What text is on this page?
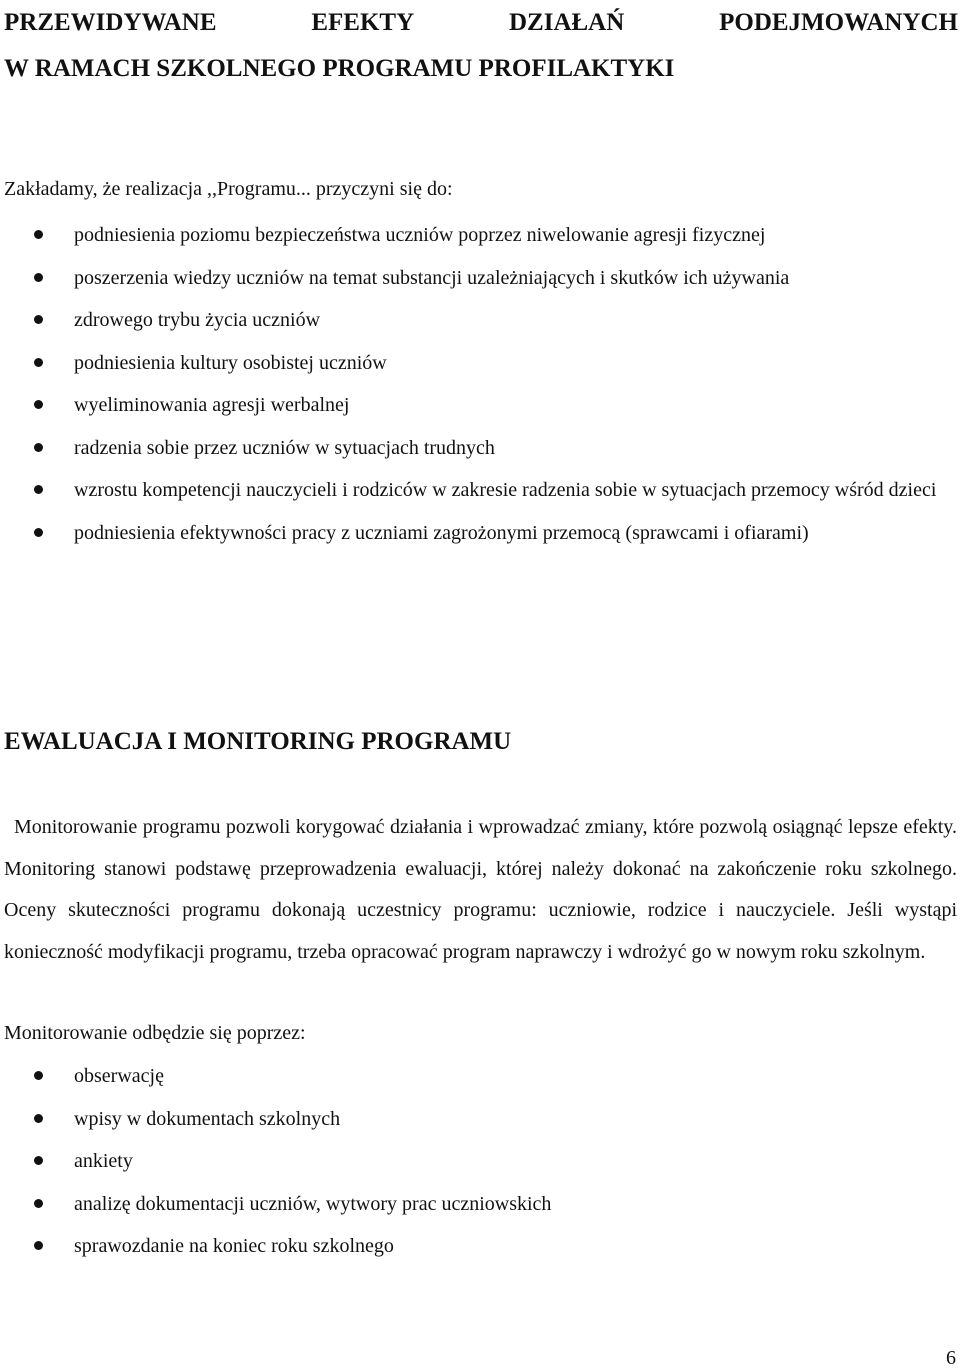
PRZEWIDYWANE	EFEKTY	DZIAŁAŃ	PODEJMOWANYCH
W RAMACH SZKOLNEGO PROGRAMU PROFILAKTYKI
Zakładamy, że realizacja ,,Programu... przyczyni się do:
podniesienia poziomu bezpieczeństwa uczniów poprzez niwelowanie agresji fizycznej
poszerzenia wiedzy uczniów na temat substancji uzależniających i skutków ich używania
zdrowego trybu życia uczniów
podniesienia kultury osobistej uczniów
wyeliminowania agresji werbalnej
radzenia sobie przez uczniów w sytuacjach trudnych
wzrostu kompetencji nauczycieli i rodziców w zakresie radzenia sobie w sytuacjach przemocy wśród dzieci
podniesienia efektywności pracy z uczniami zagrożonymi przemocą (sprawcami i ofiarami)
EWALUACJA I MONITORING PROGRAMU
Monitorowanie programu pozwoli korygować działania i wprowadzać zmiany, które pozwolą osiągnąć lepsze efekty. Monitoring stanowi podstawę przeprowadzenia ewaluacji, której należy dokonać na zakończenie roku szkolnego. Oceny skuteczności programu dokonają uczestnicy programu: uczniowie, rodzice i nauczyciele. Jeśli wystąpi konieczność modyfikacji programu, trzeba opracować program naprawczy i wdrożyć go w nowym roku szkolnym.
Monitorowanie odbędzie się poprzez:
obserwację
wpisy w dokumentach szkolnych
ankiety
analizę dokumentacji uczniów, wytwory prac uczniowskich
sprawozdanie na koniec roku szkolnego
6
